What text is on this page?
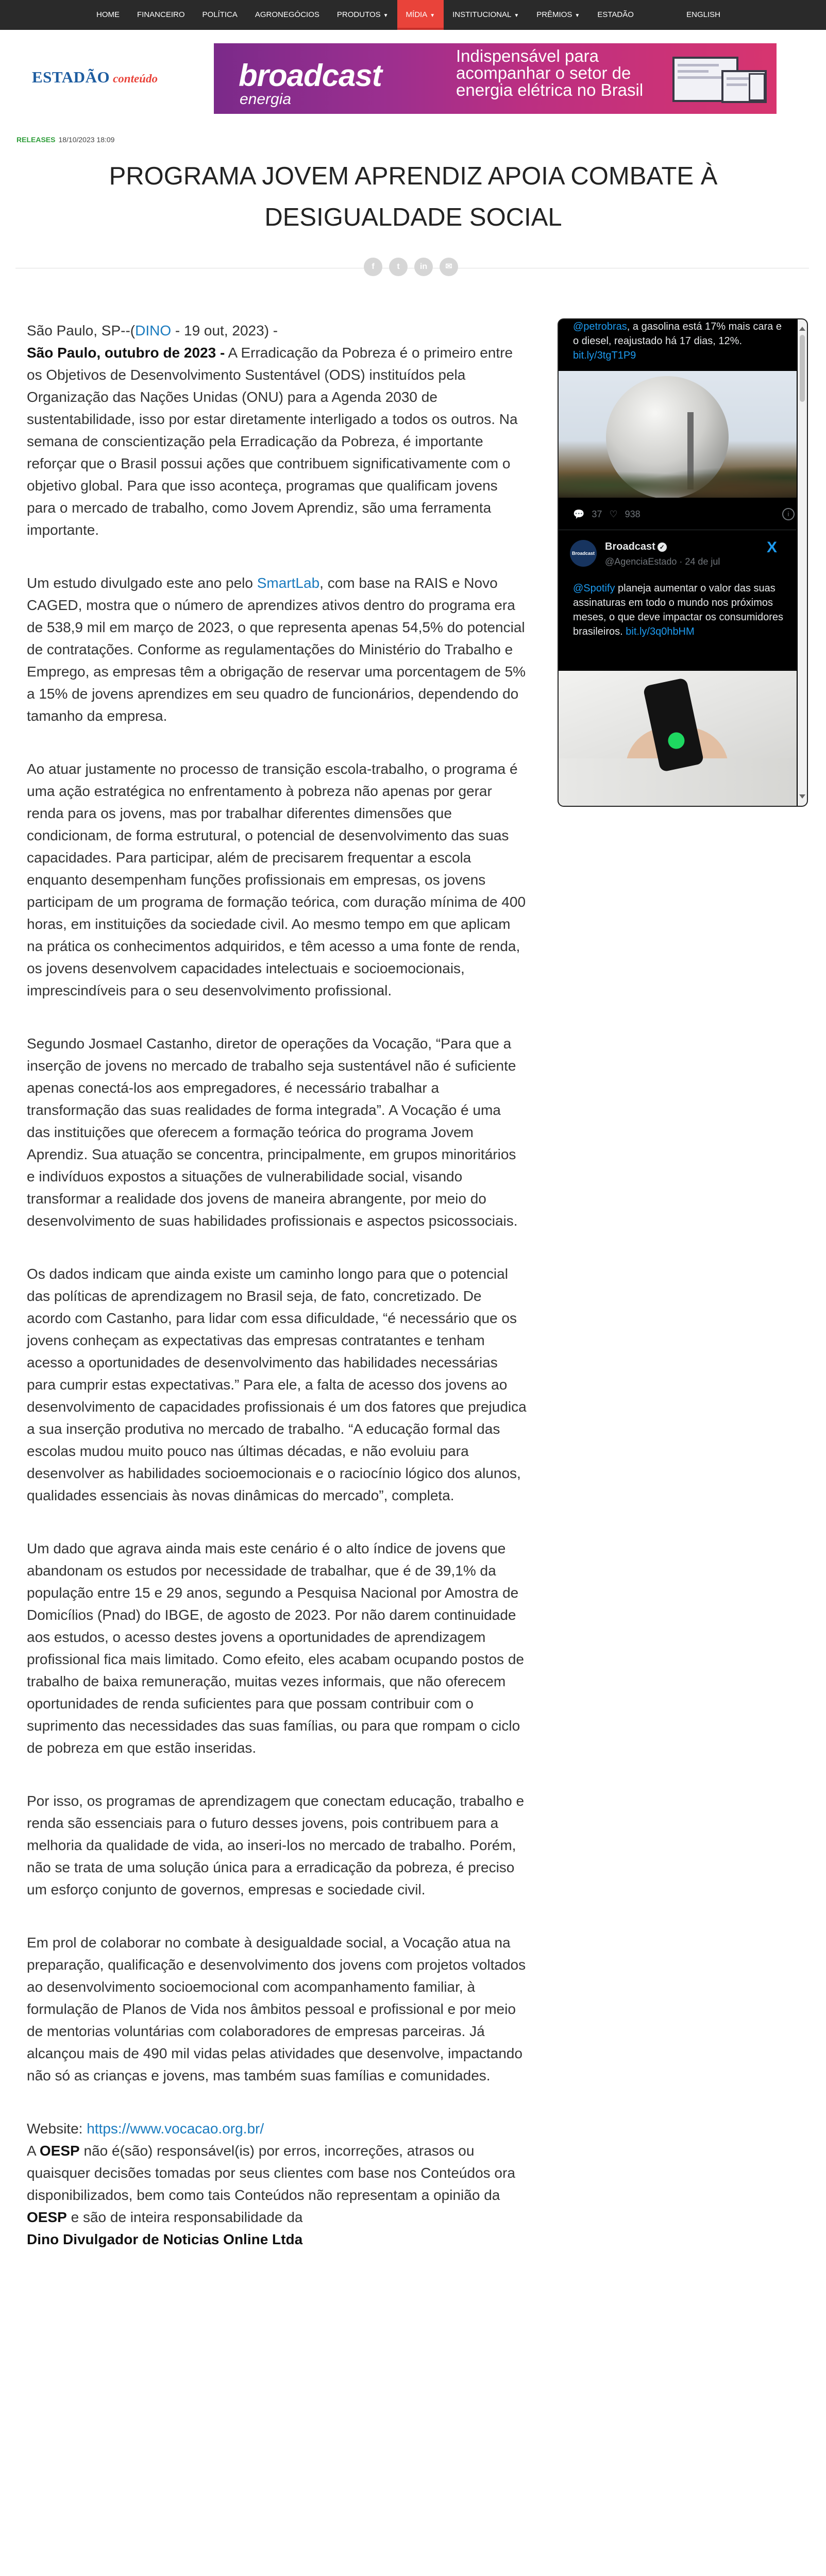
HOME	FINANCEIRO	POLÍTICA	AGRONEGÓCIOS	PRODUTOS ▼	MÍDIA ▼	INSTITUCIONAL ▼	PRÊMIOS ▼	ESTADÃO	ENGLISH
ESTADÃO conteúdo	broadcast
energia
Indispensável para acompanhar o setor de energia elétrica no Brasil
RELEASES 18/10/2023 18:09
PROGRAMA JOVEM APRENDIZ APOIA COMBATE À DESIGUALDADE SOCIAL
f	t	in	✉

São Paulo, SP--(DINO - 19 out, 2023) -

São Paulo, outubro de 2023 - A Erradicação da Pobreza é o primeiro entre os Objetivos de Desenvolvimento Sustentável (ODS) instituídos pela Organização das Nações Unidas (ONU) para a Agenda 2030 de sustentabilidade, isso por estar diretamente interligado a todos os outros. Na semana de conscientização pela Erradicação da Pobreza, é importante reforçar que o Brasil possui ações que contribuem significativamente com o objetivo global. Para que isso aconteça, programas que qualificam jovens para o mercado de trabalho, como Jovem Aprendiz, são uma ferramenta importante.

Um estudo divulgado este ano pelo SmartLab, com base na RAIS e Novo CAGED, mostra que o número de aprendizes ativos dentro do programa era de 538,9 mil em março de 2023, o que representa apenas 54,5% do potencial de contratações. Conforme as regulamentações do Ministério do Trabalho e Emprego, as empresas têm a obrigação de reservar uma porcentagem de 5% a 15% de jovens aprendizes em seu quadro de funcionários, dependendo do tamanho da empresa.

Ao atuar justamente no processo de transição escola-trabalho, o programa é uma ação estratégica no enfrentamento à pobreza não apenas por gerar renda para os jovens, mas por trabalhar diferentes dimensões que condicionam, de forma estrutural, o potencial de desenvolvimento das suas capacidades. Para participar, além de precisarem frequentar a escola enquanto desempenham funções profissionais em empresas, os jovens participam de um programa de formação teórica, com duração mínima de 400 horas, em instituições da sociedade civil. Ao mesmo tempo em que aplicam na prática os conhecimentos adquiridos, e têm acesso a uma fonte de renda, os jovens desenvolvem capacidades intelectuais e socioemocionais, imprescindíveis para o seu desenvolvimento profissional.

Segundo Josmael Castanho, diretor de operações da Vocação, “Para que a inserção de jovens no mercado de trabalho seja sustentável não é suficiente apenas conectá-los aos empregadores, é necessário trabalhar a transformação das suas realidades de forma integrada”. A Vocação é uma das instituições que oferecem a formação teórica do programa Jovem Aprendiz. Sua atuação se concentra, principalmente, em grupos minoritários e indivíduos expostos a situações de vulnerabilidade social, visando transformar a realidade dos jovens de maneira abrangente, por meio do desenvolvimento de suas habilidades profissionais e aspectos psicossociais.

Os dados indicam que ainda existe um caminho longo para que o potencial das políticas de aprendizagem no Brasil seja, de fato, concretizado. De acordo com Castanho, para lidar com essa dificuldade, “é necessário que os jovens conheçam as expectativas das empresas contratantes e tenham acesso a oportunidades de desenvolvimento das habilidades necessárias para cumprir estas expectativas.” Para ele, a falta de acesso dos jovens ao desenvolvimento de capacidades profissionais é um dos fatores que prejudica a sua inserção produtiva no mercado de trabalho. “A educação formal das escolas mudou muito pouco nas últimas décadas, e não evoluiu para desenvolver as habilidades socioemocionais e o raciocínio lógico dos alunos, qualidades essenciais às novas dinâmicas do mercado”, completa.

Um dado que agrava ainda mais este cenário é o alto índice de jovens que abandonam os estudos por necessidade de trabalhar, que é de 39,1% da população entre 15 e 29 anos, segundo a Pesquisa Nacional por Amostra de Domicílios (Pnad) do IBGE, de agosto de 2023. Por não darem continuidade aos estudos, o acesso destes jovens a oportunidades de aprendizagem profissional fica mais limitado. Como efeito, eles acabam ocupando postos de trabalho de baixa remuneração, muitas vezes informais, que não oferecem oportunidades de renda suficientes para que possam contribuir com o suprimento das necessidades das suas famílias, ou para que rompam o ciclo de pobreza em que estão inseridas.

Por isso, os programas de aprendizagem que conectam educação, trabalho e renda são essenciais para o futuro desses jovens, pois contribuem para a melhoria da qualidade de vida, ao inseri-los no mercado de trabalho. Porém, não se trata de uma solução única para a erradicação da pobreza, é preciso um esforço conjunto de governos, empresas e sociedade civil.

Em prol de colaborar no combate à desigualdade social, a Vocação atua na preparação, qualificação e desenvolvimento dos jovens com projetos voltados ao desenvolvimento socioemocional com acompanhamento familiar, à formulação de Planos de Vida nos âmbitos pessoal e profissional e por meio de mentorias voluntárias com colaboradores de empresas parceiras. Já alcançou mais de 490 mil vidas pelas atividades que desenvolve, impactando não só as crianças e jovens, mas também suas famílias e comunidades.

Website: https://www.vocacao.org.br/
A OESP não é(são) responsável(is) por erros, incorreções, atrasos ou quaisquer decisões tomadas por seus clientes com base nos Conteúdos ora disponibilizados, bem como tais Conteúdos não representam a opinião da OESP e são de inteira responsabilidade da
Dino Divulgador de Noticias Online Ltda

@petrobras, a gasolina está 17% mais cara e o diesel, reajustado há 17 dias, 12%. bit.ly/3tgT1P9
💬 37 ♡ 938	i
Broadcast
Broadcast ✓
@AgenciaEstado · 24 de jul
X
@Spotify planeja aumentar o valor das suas assinaturas em todo o mundo nos próximos meses, o que deve impactar os consumidores brasileiros. bit.ly/3q0hbHM
